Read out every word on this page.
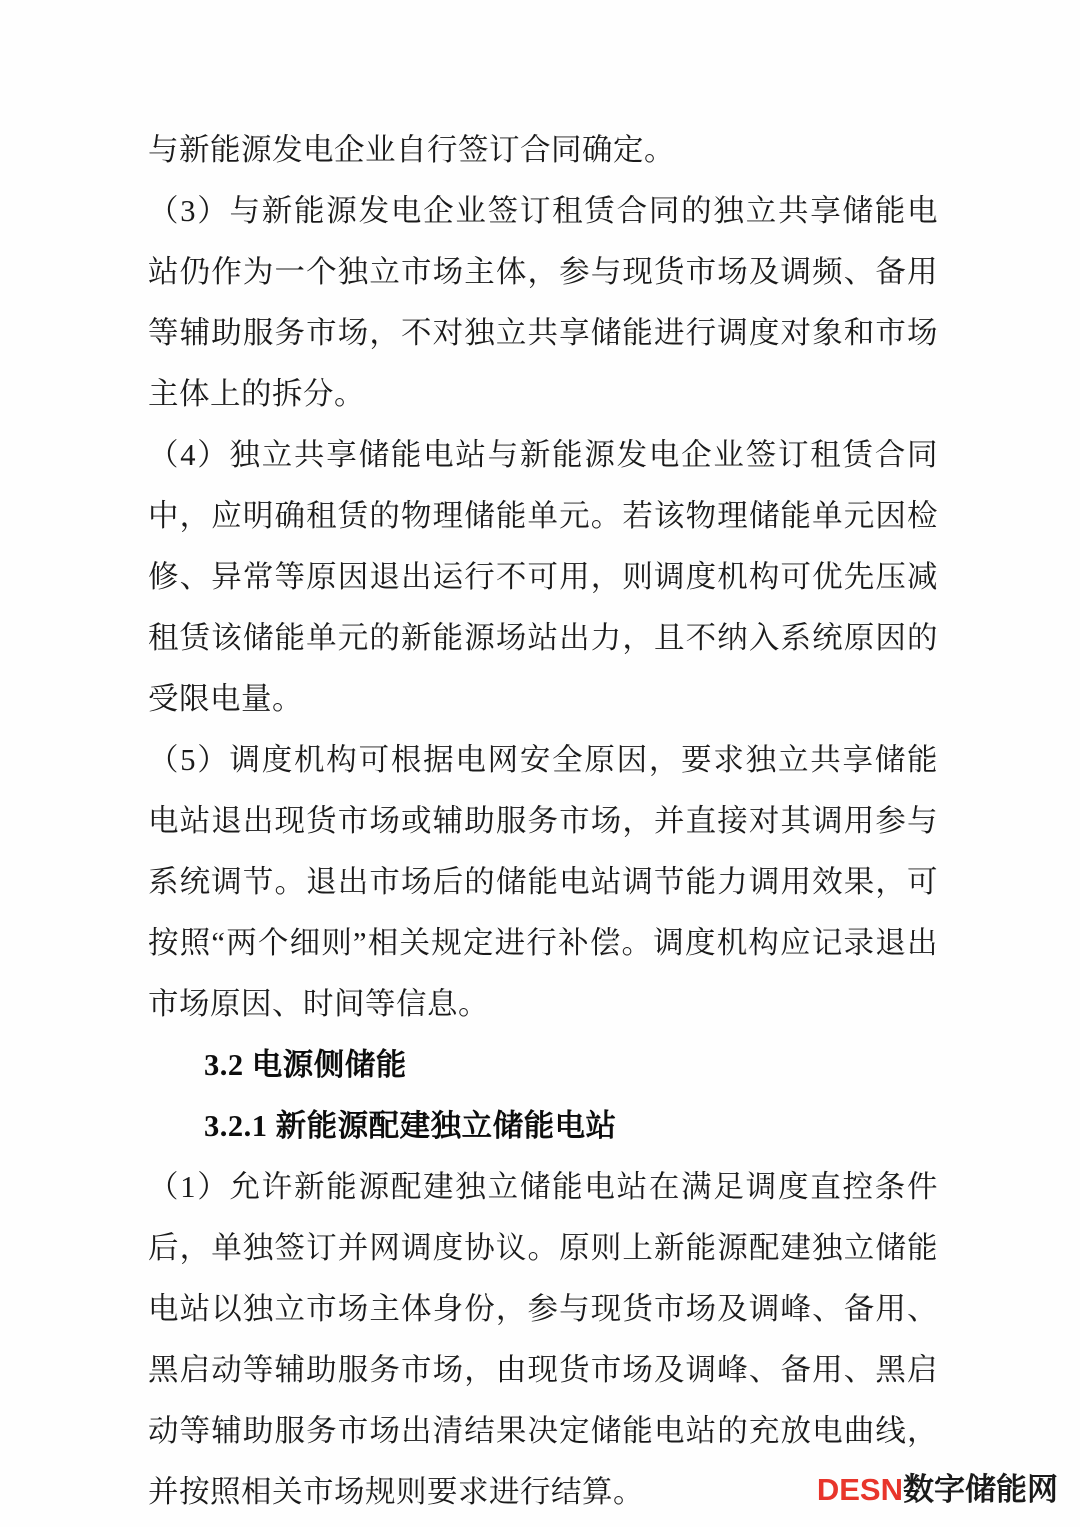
与新能源发电企业自行签订合同确定。

（3）与新能源发电企业签订租赁合同的独立共享储能电站仍作为一个独立市场主体，参与现货市场及调频、备用等辅助服务市场，不对独立共享储能进行调度对象和市场主体上的拆分。

（4）独立共享储能电站与新能源发电企业签订租赁合同中，应明确租赁的物理储能单元。若该物理储能单元因检修、异常等原因退出运行不可用，则调度机构可优先压减租赁该储能单元的新能源场站出力，且不纳入系统原因的受限电量。

（5）调度机构可根据电网安全原因，要求独立共享储能电站退出现货市场或辅助服务市场，并直接对其调用参与系统调节。退出市场后的储能电站调节能力调用效果，可按照“两个细则”相关规定进行补偿。调度机构应记录退出市场原因、时间等信息。

3.2 电源侧储能
3.2.1 新能源配建独立储能电站

（1）允许新能源配建独立储能电站在满足调度直控条件后，单独签订并网调度协议。原则上新能源配建独立储能电站以独立市场主体身份，参与现货市场及调峰、备用、黑启动等辅助服务市场，由现货市场及调峰、备用、黑启动等辅助服务市场出清结果决定储能电站的充放电曲线，并按照相关市场规则要求进行结算。	DESN数字储能网
